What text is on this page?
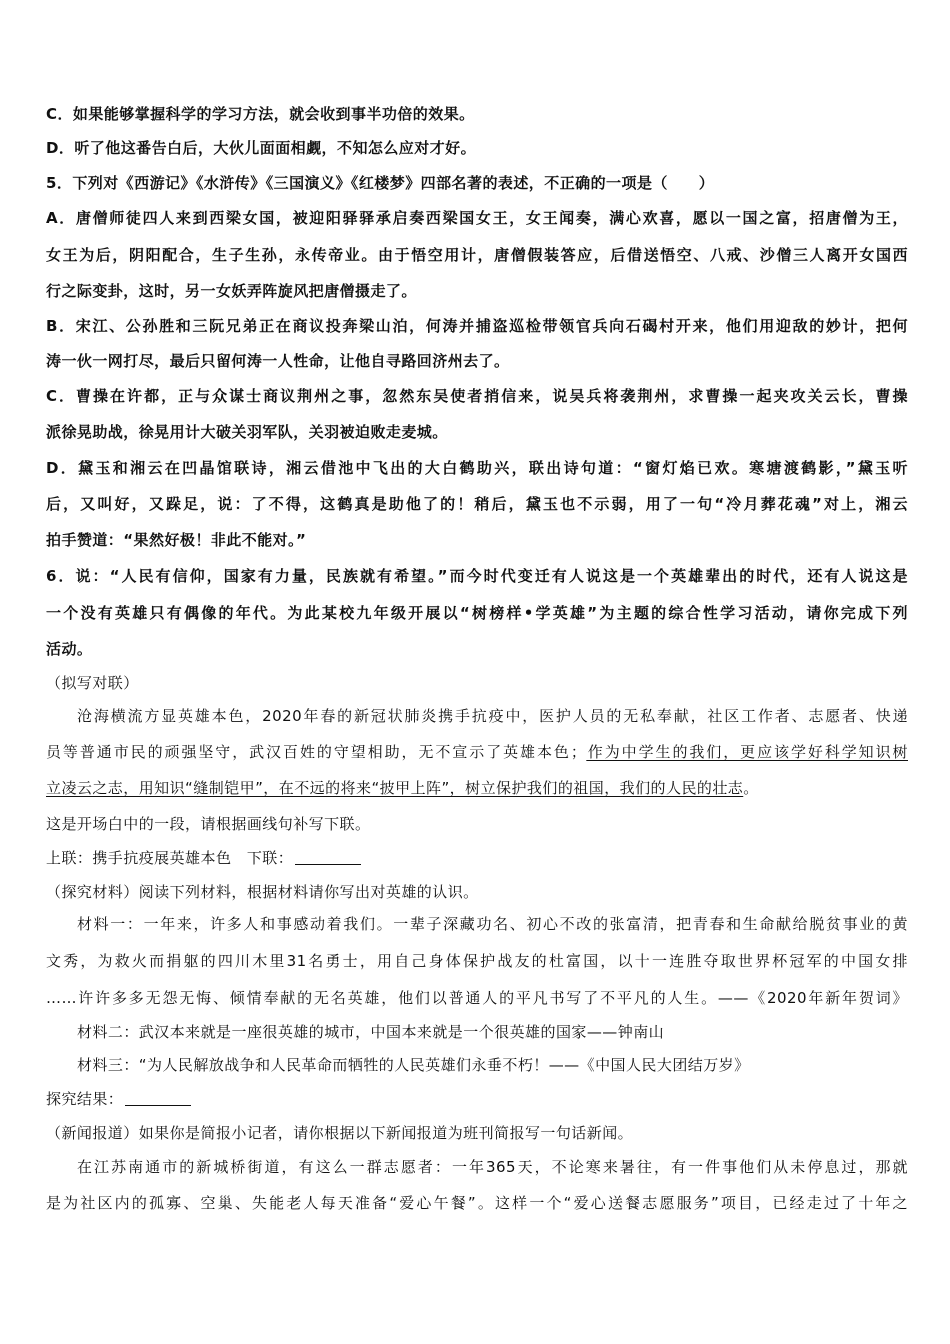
C．如果能够掌握科学的学习方法，就会收到事半功倍的效果。
D．听了他这番告白后，大伙儿面面相觑，不知怎么应对才好。
5．下列对《西游记》《水浒传》《三国演义》《红楼梦》四部名著的表述，不正确的一项是（　　）
A．唐僧师徒四人来到西梁女国，被迎阳驿驿承启奏西梁国女王，女王闻奏，满心欢喜，愿以一国之富，招唐僧为王，
女王为后，阴阳配合，生子生孙，永传帝业。由于悟空用计，唐僧假装答应，后借送悟空、八戒、沙僧三人离开女国西
行之际变卦，这时，另一女妖弄阵旋风把唐僧摄走了。
B．宋江、公孙胜和三阮兄弟正在商议投奔梁山泊，何涛并捕盗巡检带领官兵向石碣村开来，他们用迎敌的妙计，把何
涛一伙一网打尽，最后只留何涛一人性命，让他自寻路回济州去了。
C．曹操在许都，正与众谋士商议荆州之事，忽然东吴使者捎信来，说吴兵将袭荆州，求曹操一起夹攻关云长，曹操
派徐晃助战，徐晃用计大破关羽军队，关羽被迫败走麦城。
D．黛玉和湘云在凹晶馆联诗，湘云借池中飞出的大白鹤助兴，联出诗句道：“窗灯焰已欢。寒塘渡鹤影，”黛玉听
后，又叫好，又跺足，说：了不得，这鹤真是助他了的！稍后，黛玉也不示弱，用了一句“冷月葬花魂”对上，湘云
拍手赞道：“果然好极！非此不能对。”
6．说：“人民有信仰，国家有力量，民族就有希望。”而今时代变迁有人说这是一个英雄辈出的时代，还有人说这是
一个没有英雄只有偶像的年代。为此某校九年级开展以“树榜样•学英雄”为主题的综合性学习活动，请你完成下列
活动。
（拟写对联）
沧海横流方显英雄本色，2020年春的新冠状肺炎携手抗疫中，医护人员的无私奉献，社区工作者、志愿者、快递
员等普通市民的顽强坚守，武汉百姓的守望相助，无不宣示了英雄本色；作为中学生的我们，更应该学好科学知识树
立凌云之志，用知识“缝制铠甲”，在不远的将来“披甲上阵”，树立保护我们的祖国，我们的人民的壮志。
这是开场白中的一段，请根据画线句补写下联。
上联：携手抗疫展英雄本色　下联：
（探究材料）阅读下列材料，根据材料请你写出对英雄的认识。
材料一：一年来，许多人和事感动着我们。一辈子深藏功名、初心不改的张富清，把青春和生命献给脱贫事业的黄
文秀，为救火而捐躯的四川木里31名勇士，用自己身体保护战友的杜富国，以十一连胜夺取世界杯冠军的中国女排
……许许多多无怨无悔、倾情奉献的无名英雄，他们以普通人的平凡书写了不平凡的人生。——《2020年新年贺词》
材料二：武汉本来就是一座很英雄的城市，中国本来就是一个很英雄的国家——钟南山
材料三：“为人民解放战争和人民革命而牺牲的人民英雄们永垂不朽！——《中国人民大团结万岁》
探究结果：
（新闻报道）如果你是简报小记者，请你根据以下新闻报道为班刊简报写一句话新闻。
在江苏南通市的新城桥街道，有这么一群志愿者：一年365天，不论寒来暑往，有一件事他们从未停息过，那就
是为社区内的孤寡、空巢、失能老人每天准备“爱心午餐”。这样一个“爱心送餐志愿服务”项目，已经走过了十年之
